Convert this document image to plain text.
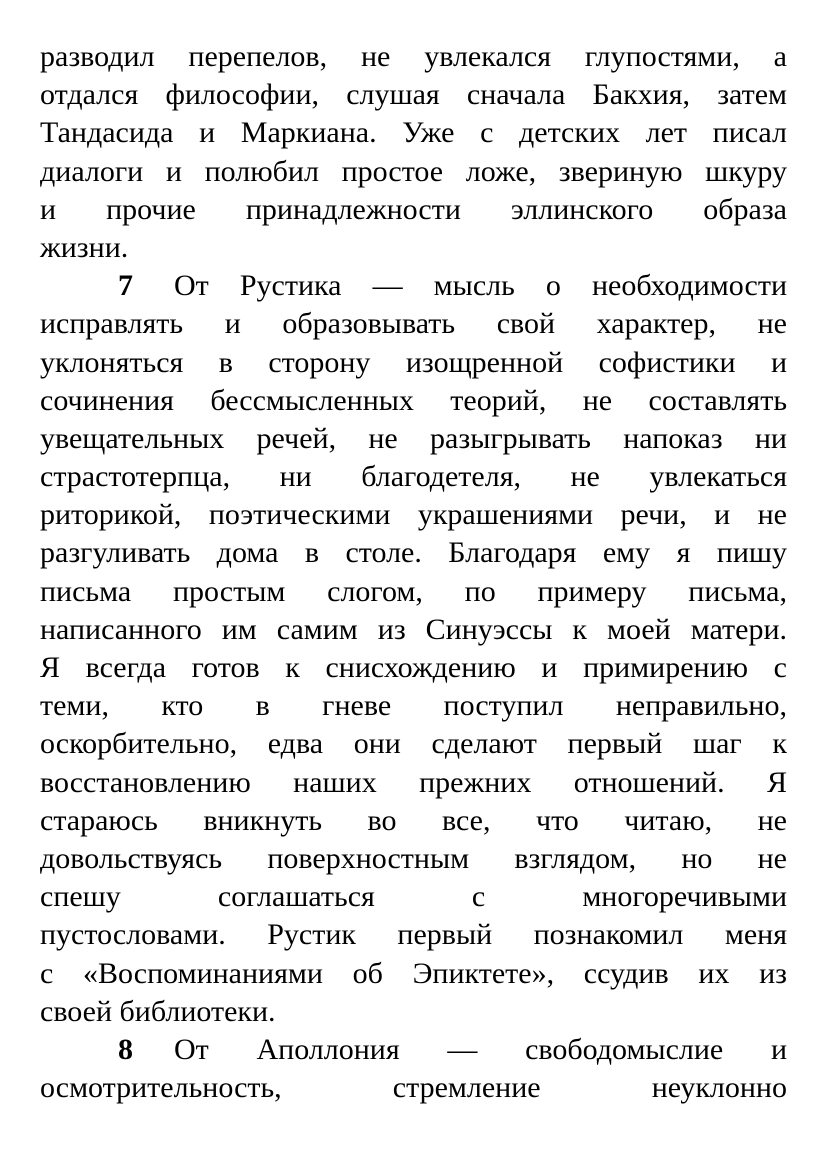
разводил перепелов, не увлекался глупостями, а
отдался философии, слушая сначала Бакхия, затем
Тандасида и Маркиана. Уже с детских лет писал
диалоги и полюбил простое ложе, звериную шкуру
и прочие принадлежности эллинского образа
жизни.
7 От Рустика — мысль о необходимости
исправлять и образовывать свой характер, не
уклоняться в сторону изощренной софистики и
сочинения бессмысленных теорий, не составлять
увещательных речей, не разыгрывать напоказ ни
страстотерпца, ни благодетеля, не увлекаться
риторикой, поэтическими украшениями речи, и не
разгуливать дома в столе. Благодаря ему я пишу
письма простым слогом, по примеру письма,
написанного им самим из Синуэссы к моей матери.
Я всегда готов к снисхождению и примирению с
теми, кто в гневе поступил неправильно,
оскорбительно, едва они сделают первый шаг к
восстановлению наших прежних отношений. Я
стараюсь вникнуть во все, что читаю, не
довольствуясь поверхностным взглядом, но не
спешу соглашаться с многоречивыми
пустословами. Рустик первый познакомил меня
с «Воспоминаниями об Эпиктете», ссудив их из
своей библиотеки.
8 От Аполлония — свободомыслие и
осмотрительность, стремление неуклонно
